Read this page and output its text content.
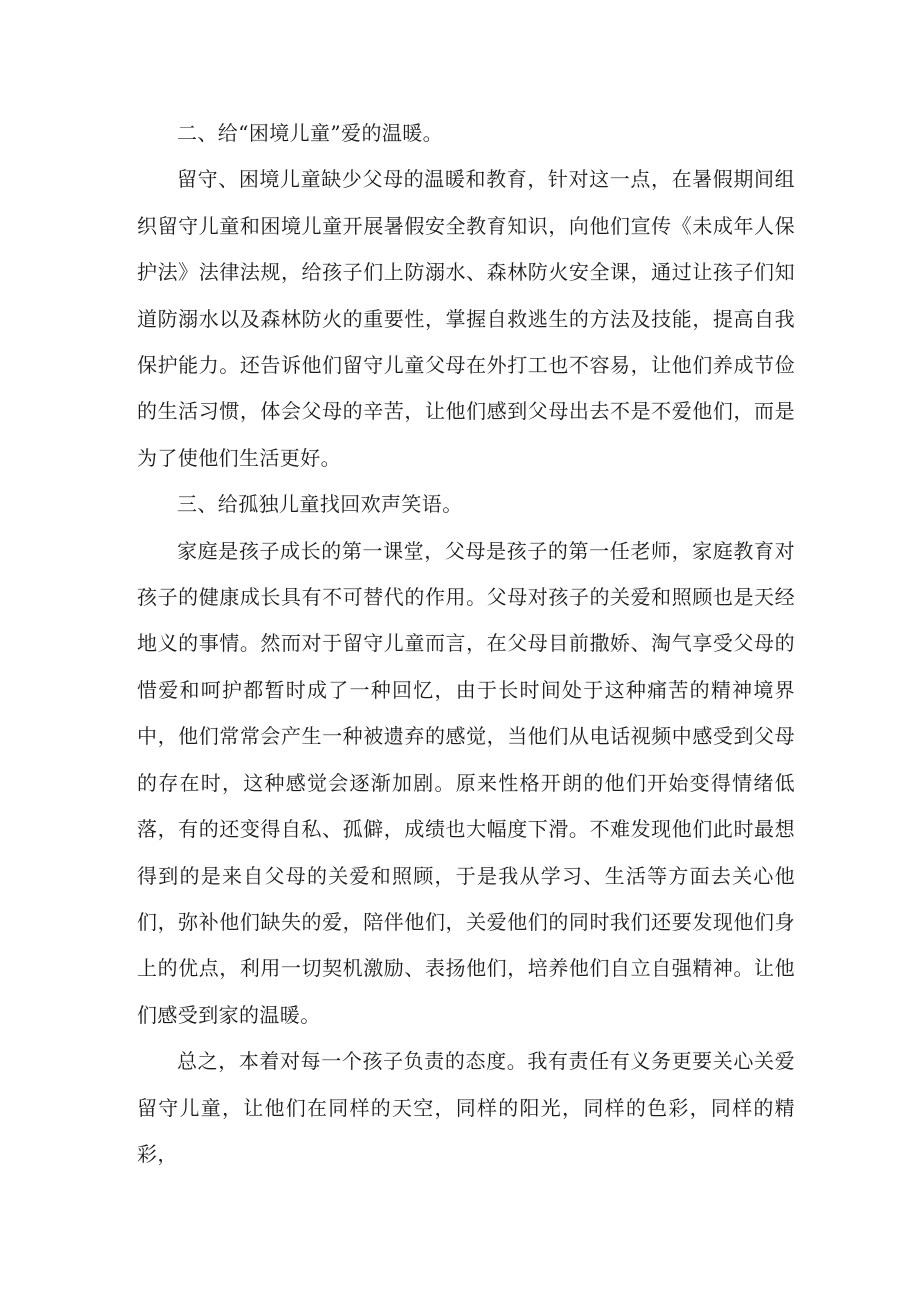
二、给“困境儿童”爱的温暖。

留守、困境儿童缺少父母的温暖和教育，针对这一点，在暑假期间组织留守儿童和困境儿童开展暑假安全教育知识，向他们宣传《未成年人保护法》法律法规，给孩子们上防溺水、森林防火安全课，通过让孩子们知道防溺水以及森林防火的重要性，掌握自救逃生的方法及技能，提高自我保护能力。还告诉他们留守儿童父母在外打工也不容易，让他们养成节俭的生活习惯，体会父母的辛苦，让他们感到父母出去不是不爱他们，而是为了使他们生活更好。

三、给孤独儿童找回欢声笑语。

家庭是孩子成长的第一课堂，父母是孩子的第一任老师，家庭教育对孩子的健康成长具有不可替代的作用。父母对孩子的关爱和照顾也是天经地义的事情。然而对于留守儿童而言，在父母目前撒娇、淘气享受父母的惜爱和呵护都暂时成了一种回忆，由于长时间处于这种痛苦的精神境界中，他们常常会产生一种被遗弃的感觉，当他们从电话视频中感受到父母的存在时，这种感觉会逐渐加剧。原来性格开朗的他们开始变得情绪低落，有的还变得自私、孤僻，成绩也大幅度下滑。不难发现他们此时最想得到的是来自父母的关爱和照顾，于是我从学习、生活等方面去关心他们，弥补他们缺失的爱，陪伴他们，关爱他们的同时我们还要发现他们身上的优点，利用一切契机激励、表扬他们，培养他们自立自强精神。让他们感受到家的温暖。

总之，本着对每一个孩子负责的态度。我有责任有义务更要关心关爱留守儿童，让他们在同样的天空，同样的阳光，同样的色彩，同样的精彩，
